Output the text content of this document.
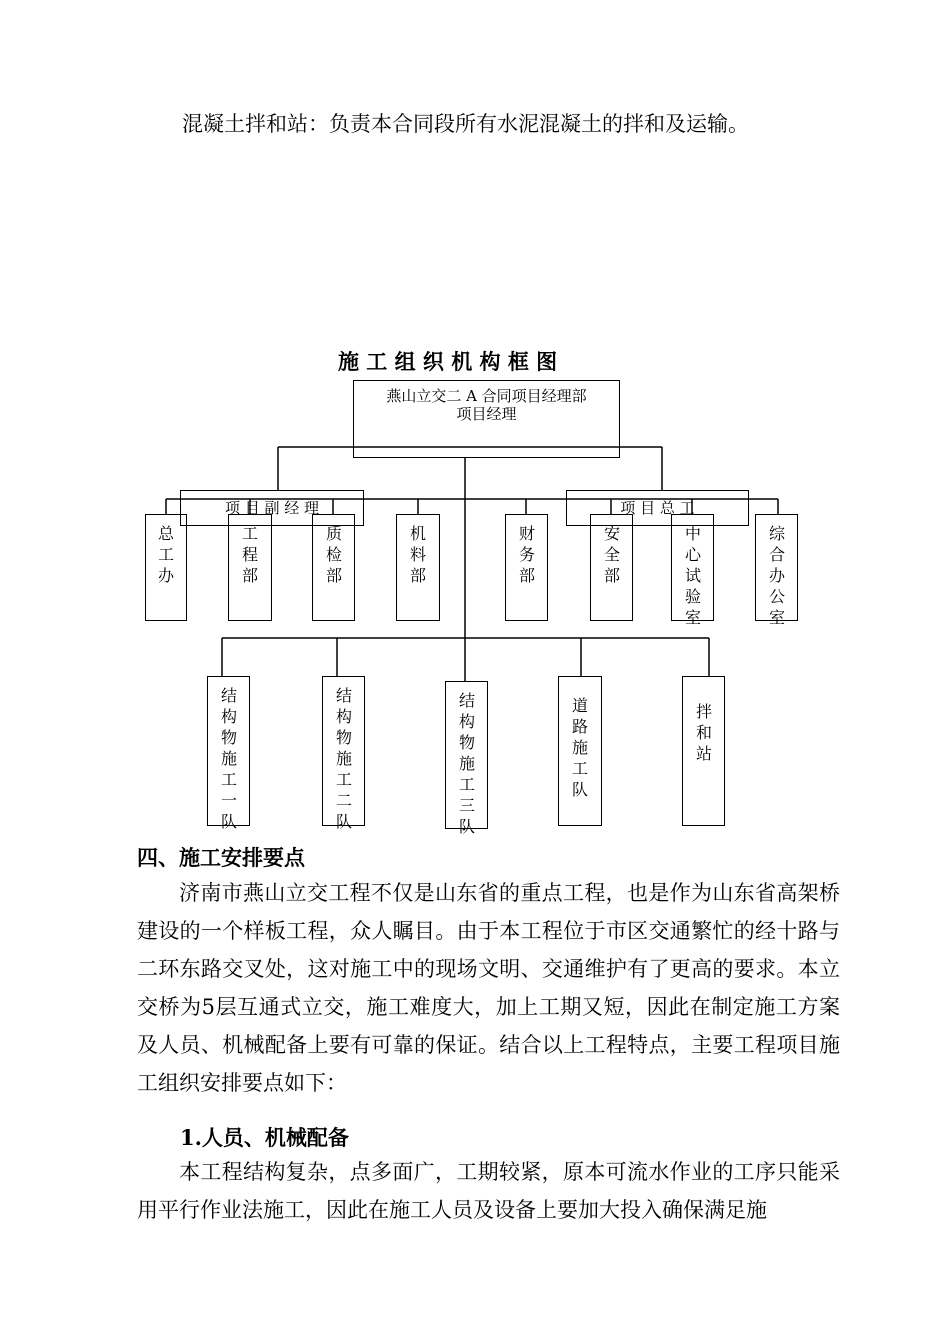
混凝土拌和站：负责本合同段所有水泥混凝土的拌和及运输。
施 工 组 织 机 构 框 图
燕山立交二 A 合同项目经理部
项目经理
项 目 副 经 理	项 目 总 工
总工办
工程部
质检部
机料部
财务部
安全部
中心试验室
综合办公室
结构物施工一队
结构物施工二队
结构物施工三队
道路施工队
拌和站
四、施工安排要点
济南市燕山立交工程不仅是山东省的重点工程，也是作为山东省高架桥建设的一个样板工程，众人瞩目。由于本工程位于市区交通繁忙的经十路与二环东路交叉处，这对施工中的现场文明、交通维护有了更高的要求。本立交桥为5层互通式立交，施工难度大，加上工期又短，因此在制定施工方案及人员、机械配备上要有可靠的保证。结合以上工程特点，主要工程项目施工组织安排要点如下：
1.人员、机械配备
本工程结构复杂，点多面广，工期较紧，原本可流水作业的工序只能采用平行作业法施工，因此在施工人员及设备上要加大投入确保满足施
